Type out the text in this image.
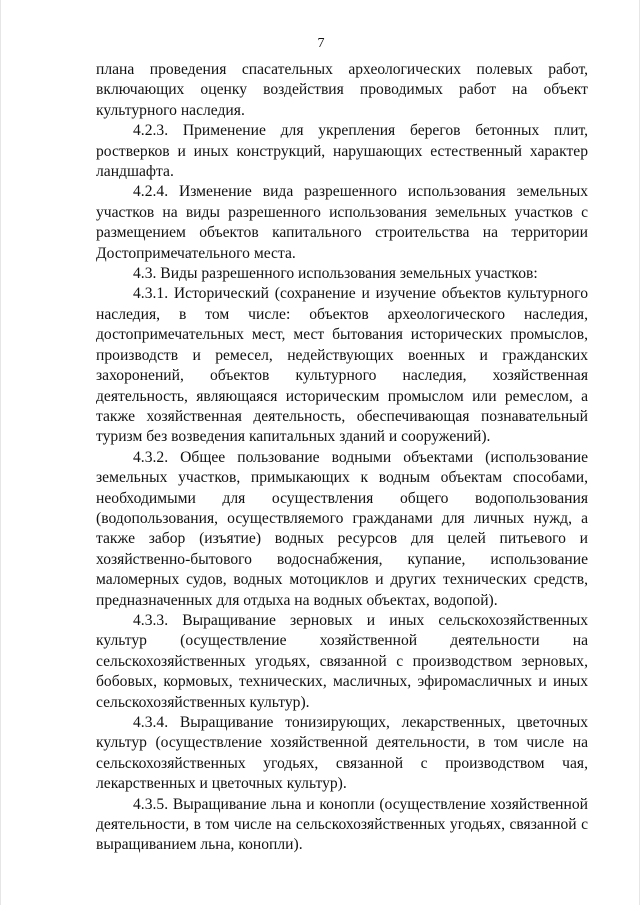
7

плана проведения спасательных археологических полевых работ, включающих оценку воздействия проводимых работ на объект культурного наследия.

4.2.3. Применение для укрепления берегов бетонных плит, ростверков и иных конструкций, нарушающих естественный характер ландшафта.

4.2.4. Изменение вида разрешенного использования земельных участков на виды разрешенного использования земельных участков с размещением объектов капитального строительства на территории Достопримечательного места.

4.3. Виды разрешенного использования земельных участков:

4.3.1. Исторический (сохранение и изучение объектов культурного наследия, в том числе: объектов археологического наследия, достопримечательных мест, мест бытования исторических промыслов, производств и ремесел, недействующих военных и гражданских захоронений, объектов культурного наследия, хозяйственная деятельность, являющаяся историческим промыслом или ремеслом, а также хозяйственная деятельность, обеспечивающая познавательный туризм без возведения капитальных зданий и сооружений).

4.3.2. Общее пользование водными объектами (использование земельных участков, примыкающих к водным объектам способами, необходимыми для осуществления общего водопользования (водопользования, осуществляемого гражданами для личных нужд, а также забор (изъятие) водных ресурсов для целей питьевого и хозяйственно-бытового водоснабжения, купание, использование маломерных судов, водных мотоциклов и других технических средств, предназначенных для отдыха на водных объектах, водопой).

4.3.3. Выращивание зерновых и иных сельскохозяйственных культур (осуществление хозяйственной деятельности на сельскохозяйственных угодьях, связанной с производством зерновых, бобовых, кормовых, технических, масличных, эфиромасличных и иных сельскохозяйственных культур).

4.3.4. Выращивание тонизирующих, лекарственных, цветочных культур (осуществление хозяйственной деятельности, в том числе на сельскохозяйственных угодьях, связанной с производством чая, лекарственных и цветочных культур).

4.3.5. Выращивание льна и конопли (осуществление хозяйственной деятельности, в том числе на сельскохозяйственных угодьях, связанной с выращиванием льна, конопли).
